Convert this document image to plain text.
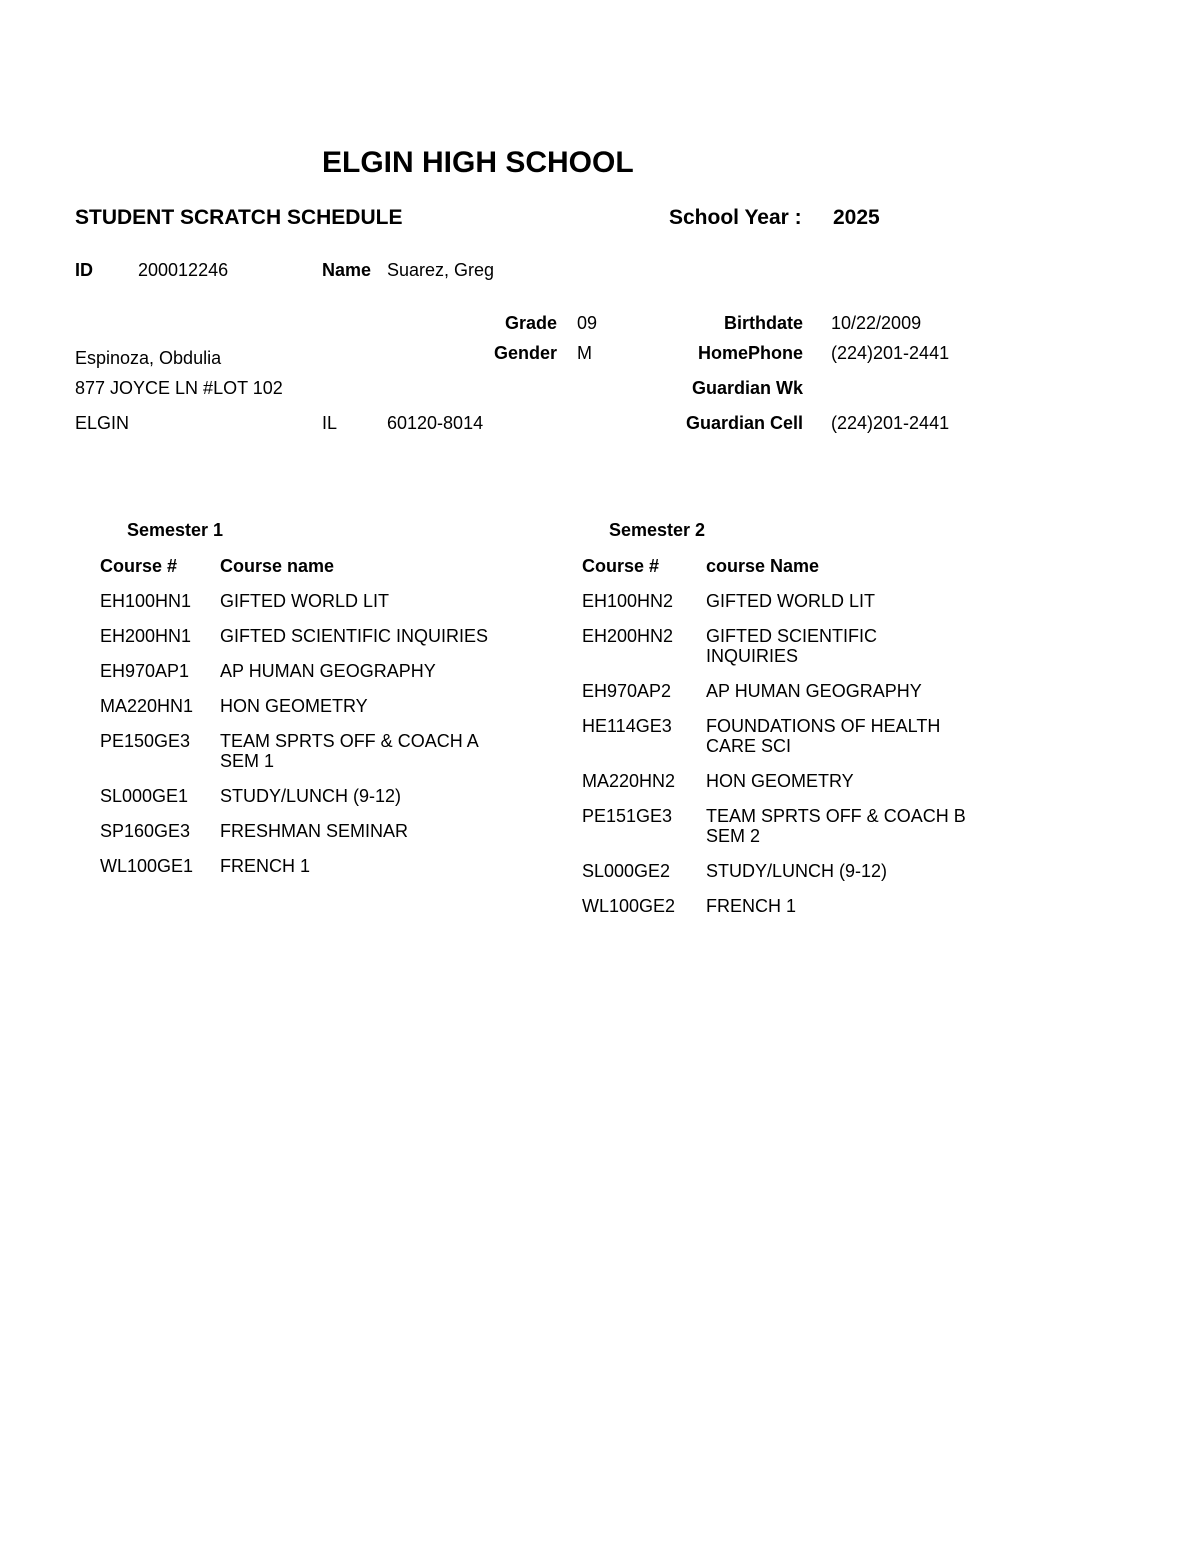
ELGIN HIGH SCHOOL
STUDENT SCRATCH SCHEDULE	School Year : 2025
ID	200012246	Name Suarez, Greg
Grade 09
Gender M
Birthdate 10/22/2009
HomePhone (224)201-2441
Guardian Wk
Guardian Cell (224)201-2441
Espinoza, Obdulia
877 JOYCE LN #LOT 102
ELGIN	IL	60120-8014
Semester 1
Course # Course name
EH100HN1	GIFTED WORLD LIT
EH200HN1	GIFTED SCIENTIFIC INQUIRIES
EH970AP1	AP HUMAN GEOGRAPHY
MA220HN1	HON GEOMETRY
PE150GE3	TEAM SPRTS OFF & COACH A SEM 1
SL000GE1	STUDY/LUNCH (9-12)
SP160GE3	FRESHMAN SEMINAR
WL100GE1	FRENCH 1
Semester 2
Course #	course Name
EH100HN2	GIFTED WORLD LIT
EH200HN2	GIFTED SCIENTIFIC INQUIRIES
EH970AP2	AP HUMAN GEOGRAPHY
HE114GE3	FOUNDATIONS OF HEALTH CARE SCI
MA220HN2	HON GEOMETRY
PE151GE3	TEAM SPRTS OFF & COACH B SEM 2
SL000GE2	STUDY/LUNCH (9-12)
WL100GE2	FRENCH 1
